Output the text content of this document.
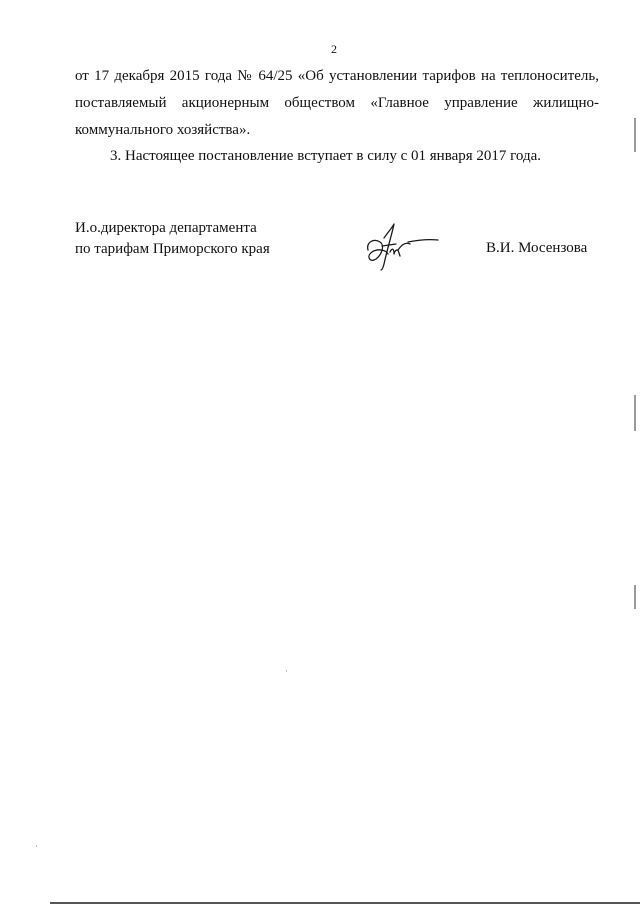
2

от 17 декабря 2015 года № 64/25 «Об установлении тарифов на теплоноситель,
поставляемый акционерным обществом «Главное управление жилищно-
коммунального хозяйства».

3. Настоящее постановление вступает в силу с 01 января 2017 года.

И.о.директора департамента
по тарифам Приморского края	В.И. Мосензова
